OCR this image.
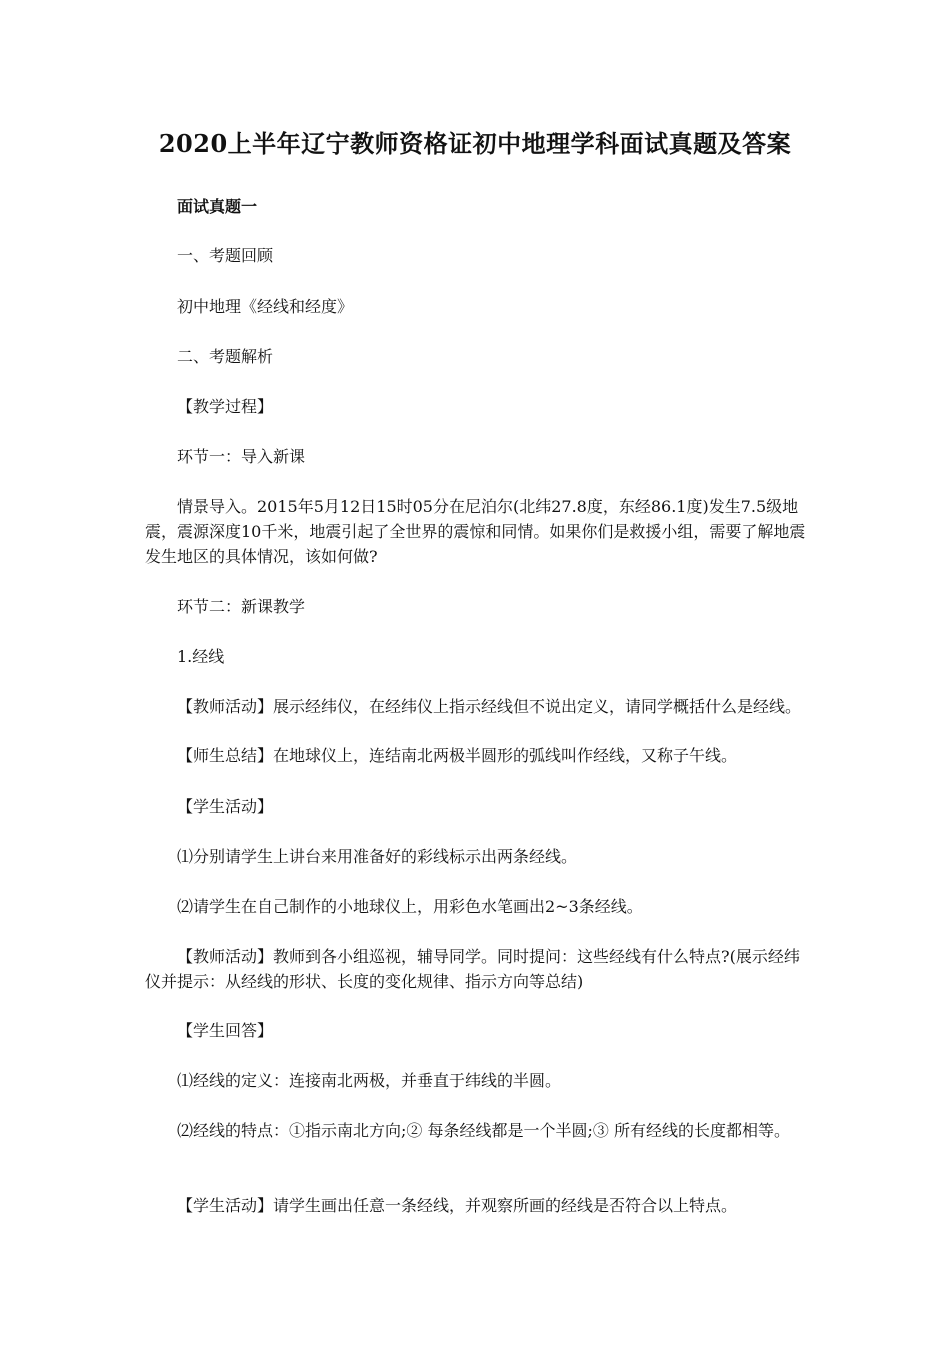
2020上半年辽宁教师资格证初中地理学科面试真题及答案

面试真题一

一、考题回顾

初中地理《经线和经度》

二、考题解析

【教学过程】

环节一：导入新课

情景导入。2015年5月12日15时05分在尼泊尔(北纬27.8度，东经86.1度)发生7.5级地震，震源深度10千米，地震引起了全世界的震惊和同情。如果你们是救援小组，需要了解地震发生地区的具体情况，该如何做?

环节二：新课教学

1.经线

【教师活动】展示经纬仪，在经纬仪上指示经线但不说出定义，请同学概括什么是经线。

【师生总结】在地球仪上，连结南北两极半圆形的弧线叫作经线，又称子午线。

【学生活动】

⑴分别请学生上讲台来用准备好的彩线标示出两条经线。

⑵请学生在自己制作的小地球仪上，用彩色水笔画出2~3条经线。

【教师活动】教师到各小组巡视，辅导同学。同时提问：这些经线有什么特点?(展示经纬仪并提示：从经线的形状、长度的变化规律、指示方向等总结)

【学生回答】

⑴经线的定义：连接南北两极，并垂直于纬线的半圆。

⑵经线的特点：①指示南北方向;② 每条经线都是一个半圆;③ 所有经线的长度都相等。

【学生活动】请学生画出任意一条经线，并观察所画的经线是否符合以上特点。
